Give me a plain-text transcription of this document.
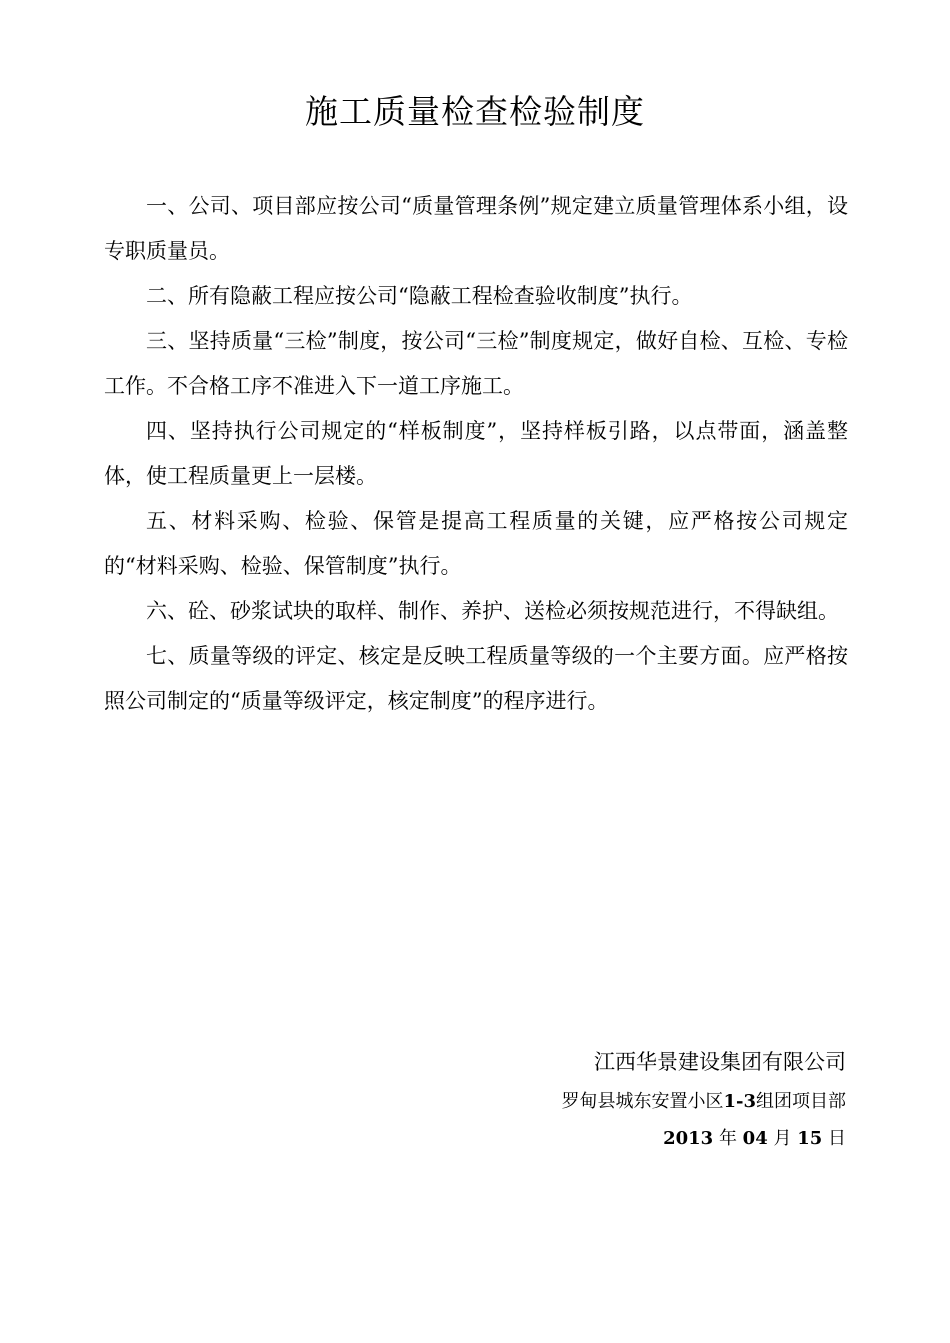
施工质量检查检验制度

一、公司、项目部应按公司“质量管理条例”规定建立质量管理体系小组，设专职质量员。

二、所有隐蔽工程应按公司“隐蔽工程检查验收制度”执行。

三、坚持质量“三检”制度，按公司“三检”制度规定，做好自检、互检、专检工作。不合格工序不准进入下一道工序施工。

四、坚持执行公司规定的“样板制度”，坚持样板引路，以点带面，涵盖整体，使工程质量更上一层楼。

五、材料采购、检验、保管是提高工程质量的关键，应严格按公司规定的“材料采购、检验、保管制度”执行。

六、砼、砂浆试块的取样、制作、养护、送检必须按规范进行，不得缺组。

七、质量等级的评定、核定是反映工程质量等级的一个主要方面。应严格按照公司制定的“质量等级评定，核定制度”的程序进行。

江西华景建设集团有限公司
罗甸县城东安置小区1-3组团项目部
2013 年 04 月 15 日
